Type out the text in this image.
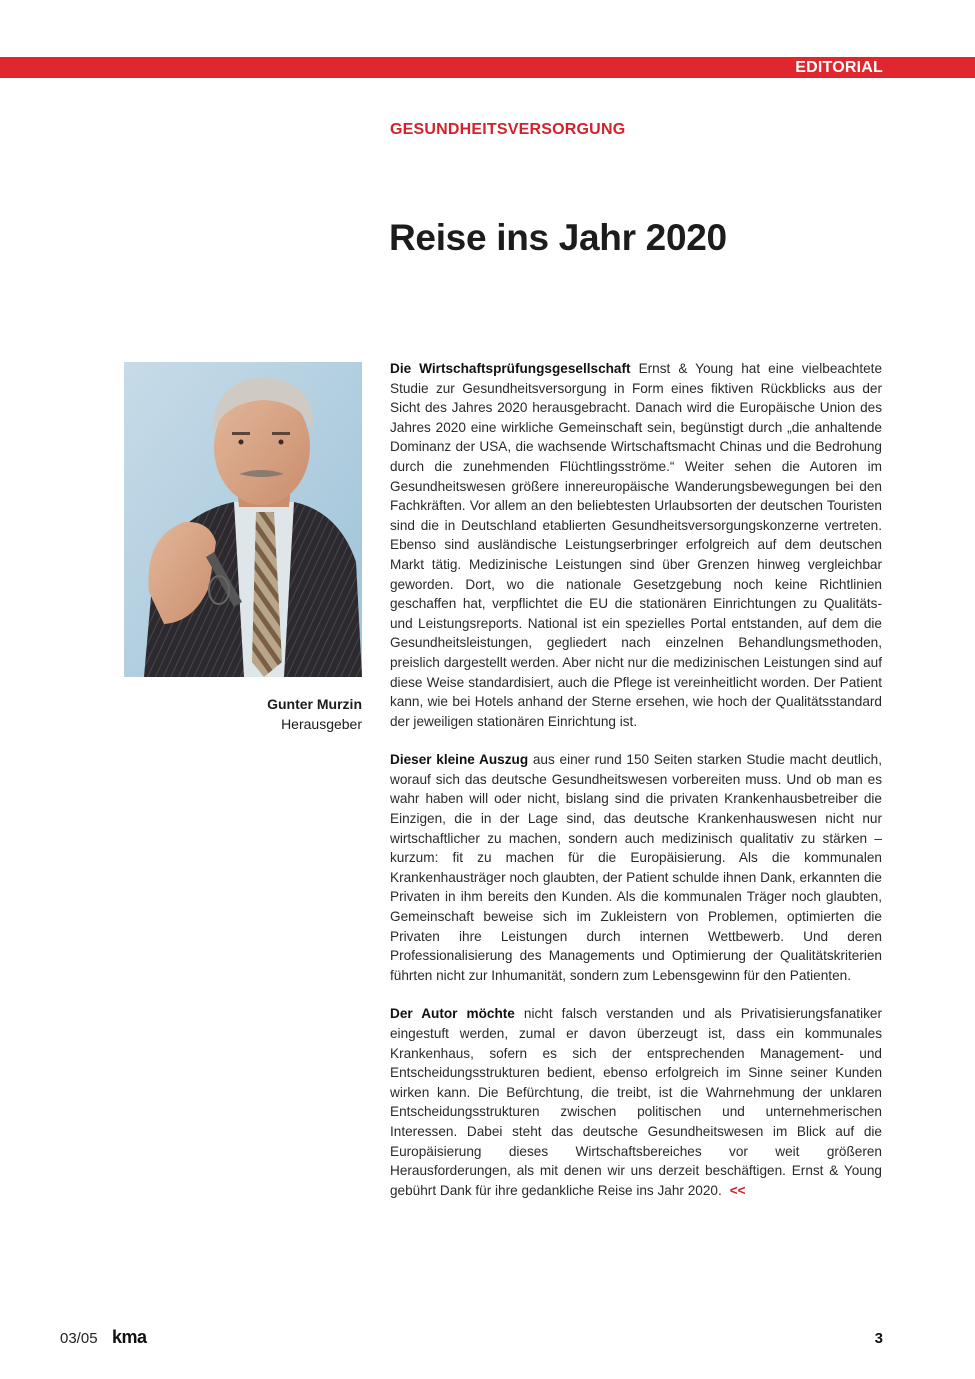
EDITORIAL
GESUNDHEITSVERSORGUNG
Reise ins Jahr 2020
Gunter Murzin
Herausgeber

Die Wirtschaftsprüfungsgesellschaft Ernst & Young hat eine vielbeachtete Studie zur Gesundheitsversorgung in Form eines fiktiven Rückblicks aus der Sicht des Jahres 2020 herausgebracht. Danach wird die Europäische Union des Jahres 2020 eine wirkliche Gemeinschaft sein, begünstigt durch „die anhaltende Dominanz der USA, die wachsende Wirtschaftsmacht Chinas und die Bedrohung durch die zunehmenden Flüchtlingsströme.“ Weiter sehen die Autoren im Gesundheitswesen größere innereuropäische Wanderungsbewegungen bei den Fachkräften. Vor allem an den beliebtesten Urlaubsorten der deutschen Touristen sind die in Deutschland etablierten Gesundheitsversorgungskonzerne vertreten. Ebenso sind ausländische Leistungserbringer erfolgreich auf dem deutschen Markt tätig. Medizinische Leistungen sind über Grenzen hinweg vergleichbar geworden. Dort, wo die nationale Gesetzgebung noch keine Richtlinien geschaffen hat, verpflichtet die EU die stationären Einrichtungen zu Qualitäts- und Leistungsreports. National ist ein spezielles Portal entstanden, auf dem die Gesundheitsleistungen, gegliedert nach einzelnen Behandlungsmethoden, preislich dargestellt werden. Aber nicht nur die medizinischen Leistungen sind auf diese Weise standardisiert, auch die Pflege ist vereinheitlicht worden. Der Patient kann, wie bei Hotels anhand der Sterne ersehen, wie hoch der Qualitätsstandard der jeweiligen stationären Einrichtung ist.

Dieser kleine Auszug aus einer rund 150 Seiten starken Studie macht deutlich, worauf sich das deutsche Gesundheitswesen vorbereiten muss. Und ob man es wahr haben will oder nicht, bislang sind die privaten Krankenhausbetreiber die Einzigen, die in der Lage sind, das deutsche Krankenhauswesen nicht nur wirtschaftlicher zu machen, sondern auch medizinisch qualitativ zu stärken – kurzum: fit zu machen für die Europäisierung. Als die kommunalen Krankenhausträger noch glaubten, der Patient schulde ihnen Dank, erkannten die Privaten in ihm bereits den Kunden. Als die kommunalen Träger noch glaubten, Gemeinschaft beweise sich im Zukleistern von Problemen, optimierten die Privaten ihre Leistungen durch internen Wettbewerb. Und deren Professionalisierung des Managements und Optimierung der Qualitätskriterien führten nicht zur Inhumanität, sondern zum Lebensgewinn für den Patienten.

Der Autor möchte nicht falsch verstanden und als Privatisierungsfanatiker eingestuft werden, zumal er davon überzeugt ist, dass ein kommunales Krankenhaus, sofern es sich der entsprechenden Management- und Entscheidungsstrukturen bedient, ebenso erfolgreich im Sinne seiner Kunden wirken kann. Die Befürchtung, die treibt, ist die Wahrnehmung der unklaren Entscheidungsstrukturen zwischen politischen und unternehmerischen Interessen. Dabei steht das deutsche Gesundheitswesen im Blick auf die Europäisierung dieses Wirtschaftsbereiches vor weit größeren Herausforderungen, als mit denen wir uns derzeit beschäftigen. Ernst & Young gebührt Dank für ihre gedankliche Reise ins Jahr 2020. <<

03/05 kma	3
